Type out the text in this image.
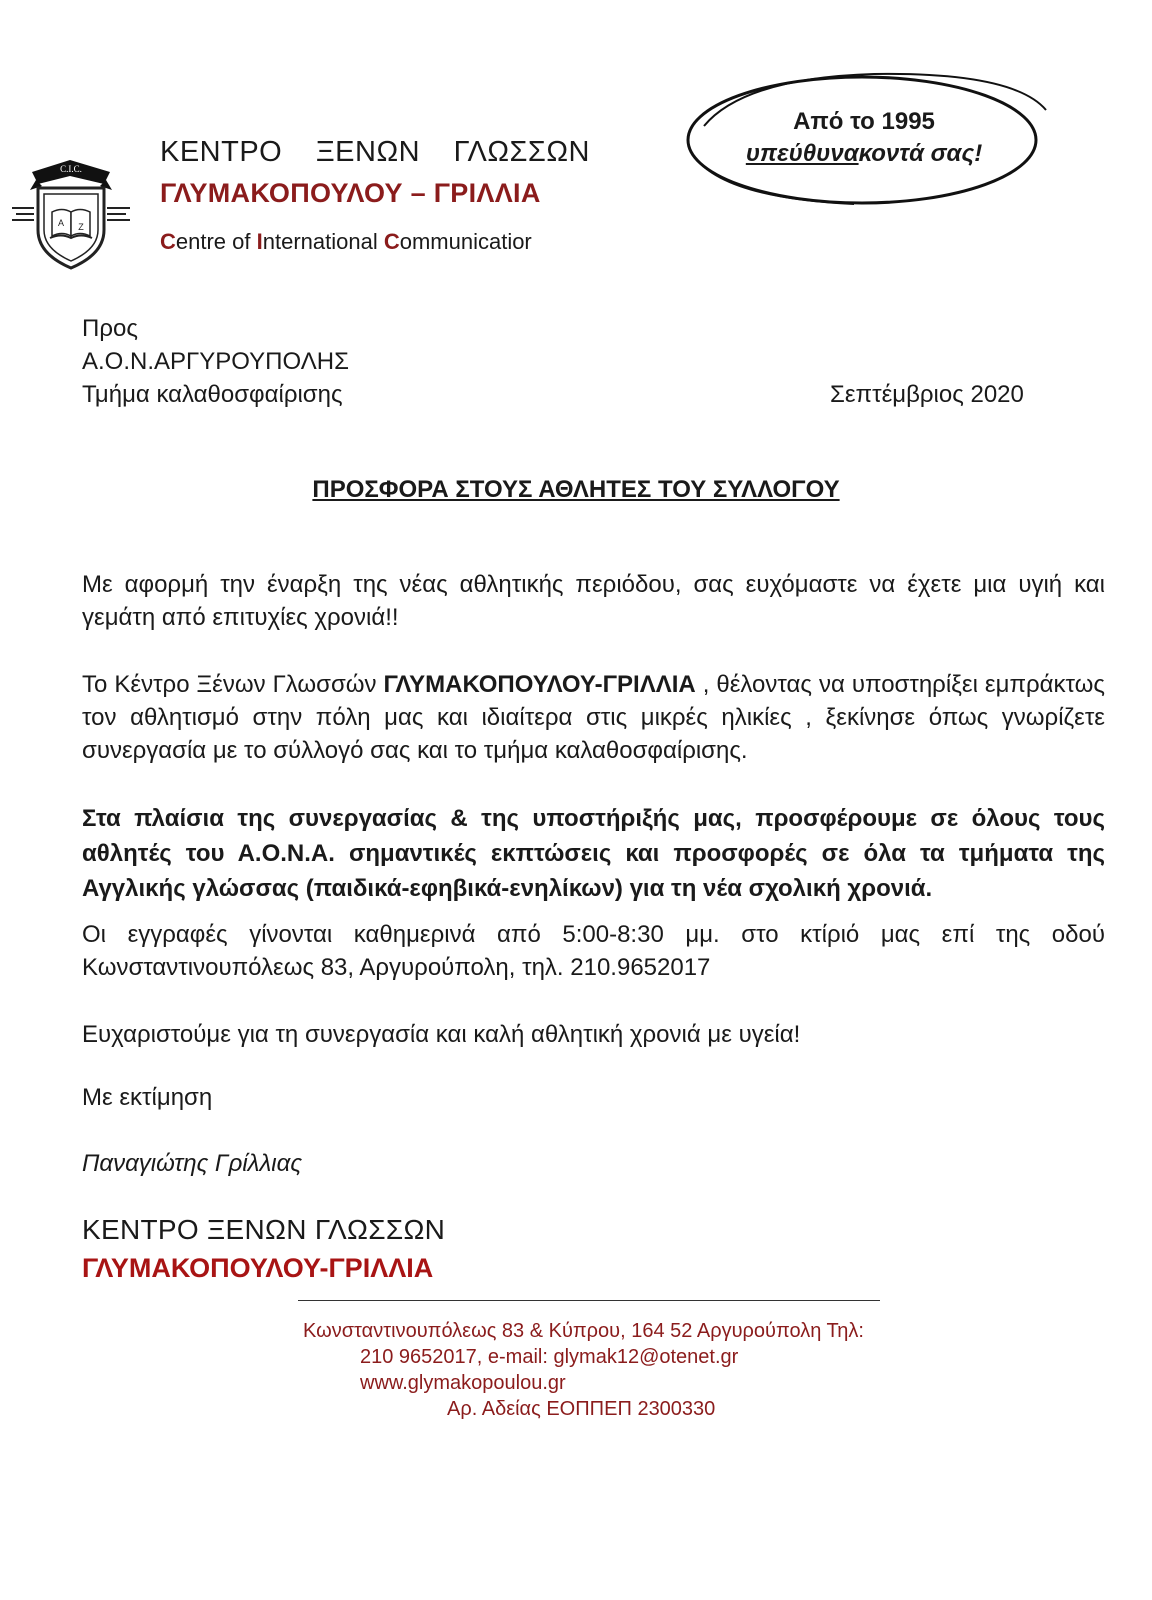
C.I.C.
A Z
ΚΕΝΤΡΟ ΞΕΝΩΝ ΓΛΩΣΣΩΝ
ΓΛΥΜΑΚΟΠΟΥΛΟΥ – ΓΡΙΛΛΙΑ
Centre of International Communicatior
Από το 1995
υπεύθυνακοντά σας!
Προς
Α.Ο.Ν.ΑΡΓΥΡΟΥΠΟΛΗΣ
Τμήμα καλαθοσφαίρισης	Σεπτέμβριος 2020
ΠΡΟΣΦΟΡΑ ΣΤΟΥΣ ΑΘΛΗΤΕΣ ΤΟΥ ΣΥΛΛΟΓΟΥ
Με αφορμή την έναρξη της νέας αθλητικής περιόδου, σας ευχόμαστε να έχετε μια υγιή και γεμάτη από επιτυχίες χρονιά!!
Το Κέντρο Ξένων Γλωσσών ΓΛΥΜΑΚΟΠΟΥΛΟΥ-ΓΡΙΛΛΙΑ , θέλοντας να υποστηρίξει εμπράκτως τον αθλητισμό στην πόλη μας και ιδιαίτερα στις μικρές ηλικίες , ξεκίνησε όπως γνωρίζετε συνεργασία με το σύλλογό σας και το τμήμα καλαθοσφαίρισης.
Στα πλαίσια της συνεργασίας & της υποστήριξής μας, προσφέρουμε σε όλους τους αθλητές του Α.Ο.Ν.Α. σημαντικές εκπτώσεις και προσφορές σε όλα τα τμήματα της Αγγλικής γλώσσας (παιδικά-εφηβικά-ενηλίκων) για τη νέα σχολική χρονιά.
Οι εγγραφές γίνονται καθημερινά από 5:00-8:30 μμ. στο κτίριό μας επί της οδού Κωνσταντινουπόλεως 83, Αργυρούπολη, τηλ. 210.9652017
Ευχαριστούμε για τη συνεργασία και καλή αθλητική χρονιά με υγεία!
Με εκτίμηση
Παναγιώτης Γρίλλιας
ΚΕΝΤΡΟ ΞΕΝΩΝ ΓΛΩΣΣΩΝ
ΓΛΥΜΑΚΟΠΟΥΛΟΥ-ΓΡΙΛΛΙΑ
Κωνσταντινουπόλεως 83 & Κύπρου, 164 52 Αργυρούπολη Τηλ:
210 9652017, e-mail: glymak12@otenet.gr
www.glymakopoulou.gr
Αρ. Αδείας ΕΟΠΠΕΠ 2300330
